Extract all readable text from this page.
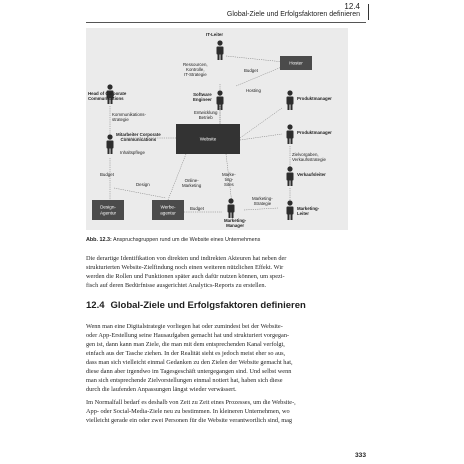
12.4
Global-Ziele und Erfolgsfaktoren definieren
Website
Hoster

Design-
Agentur

Werbe-
agentur

IT-Leiter
Software
Engineer
Head of Corporate
Communications
Mitarbeiter Corporate
Communications
Produktmanager
Produktmanager
Verkaufsleiter
Marketing-
Manager
Marketing-
Leiter
Ressourcen,
Kontrolle,
IT-Strategie
Budget
Hosting
Entwicklung
Betrieb
Kommunikations-
strategie
Inhaltspflege
Budget
Design
Online-
Marketing
Marke-
ting-
Sites
Budget
Marketing-
Strategie
Zielvorgaben,
Verkaufsstrategie
Abb. 12.3: Anspruchsgruppen rund um die Website eines Unternehmens
Die derartige Identifikation von direkten und indirekten Akteuren hat neben der
strukturierten Website-Zielfindung noch einen weiteren nützlichen Effekt. Wir
werden die Rollen und Funktionen später auch dafür nutzen können, um spezi-
fisch auf deren Bedürfnisse ausgerichtet Analytics-Reports zu erstellen.
12.4 Global-Ziele und Erfolgsfaktoren definieren
Wenn man eine Digitalstrategie vorliegen hat oder zumindest bei der Website-
oder App-Erstellung seine Hausaufgaben gemacht hat und strukturiert vorgegan-
gen ist, dann kann man Ziele, die man mit dem entsprechenden Kanal verfolgt,
einfach aus der Tasche ziehen. In der Realität sieht es jedoch meist eher so aus,
dass man sich vielleicht einmal Gedanken zu den Zielen der Website gemacht hat,
diese dann aber irgendwo im Tagesgeschäft untergegangen sind. Und selbst wenn
man sich entsprechende Zielvorstellungen einmal notiert hat, haben sich diese
durch die laufenden Anpassungen längst wieder verwässert.
Im Normalfall bedarf es deshalb von Zeit zu Zeit eines Prozesses, um die Website-,
App- oder Social-Media-Ziele neu zu bestimmen. In kleineren Unternehmen, wo
vielleicht gerade ein oder zwei Personen für die Website verantwortlich sind, mag
333
